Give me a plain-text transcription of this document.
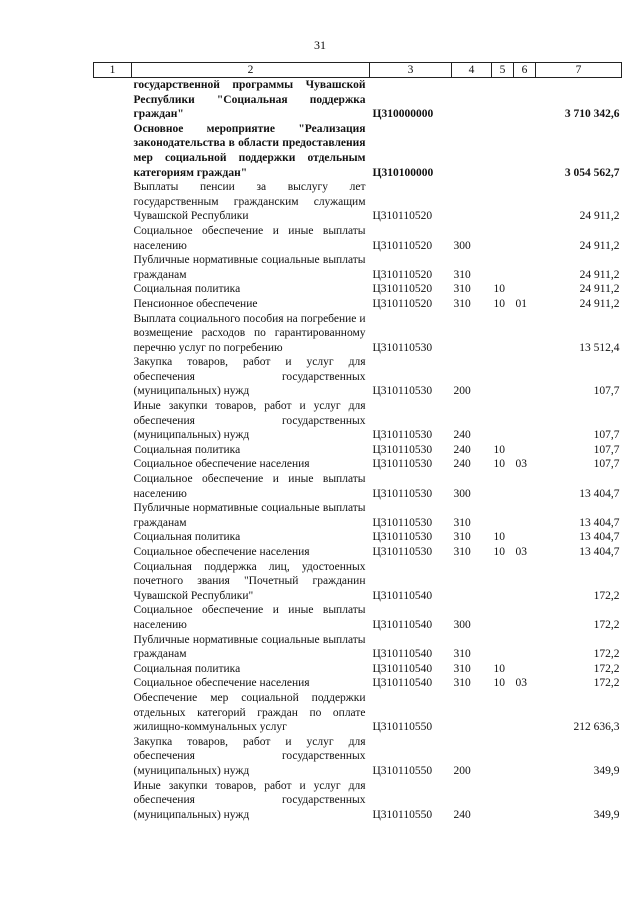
31
1	2	3	4	5	6	7
	государственной программы Чувашской Республики "Социальная поддержка граждан"	Ц310000000				3 710 342,6
	Основное мероприятие "Реализация законодательства в области предоставления мер социальной поддержки отдельным категориям граждан"	Ц310100000				3 054 562,7
	Выплаты пенсии за выслугу лет государственным гражданским служащим Чувашской Республики	Ц310110520				24 911,2
	Социальное обеспечение и иные выплаты населению	Ц310110520	300			24 911,2
	Публичные нормативные социальные выплаты гражданам	Ц310110520	310			24 911,2
	Социальная политика	Ц310110520	310	10		24 911,2
	Пенсионное обеспечение	Ц310110520	310	10	01	24 911,2
	Выплата социального пособия на погребение и возмещение расходов по гарантированному перечню услуг по погребению	Ц310110530				13 512,4
	Закупка товаров, работ и услуг для обеспечения государственных (муниципальных) нужд	Ц310110530	200			107,7
	Иные закупки товаров, работ и услуг для обеспечения государственных (муниципальных) нужд	Ц310110530	240			107,7
	Социальная политика	Ц310110530	240	10		107,7
	Социальное обеспечение населения	Ц310110530	240	10	03	107,7
	Социальное обеспечение и иные выплаты населению	Ц310110530	300			13 404,7
	Публичные нормативные социальные выплаты гражданам	Ц310110530	310			13 404,7
	Социальная политика	Ц310110530	310	10		13 404,7
	Социальное обеспечение населения	Ц310110530	310	10	03	13 404,7
	Социальная поддержка лиц, удостоенных почетного звания "Почетный гражданин Чувашской Республики"	Ц310110540				172,2
	Социальное обеспечение и иные выплаты населению	Ц310110540	300			172,2
	Публичные нормативные социальные выплаты гражданам	Ц310110540	310			172,2
	Социальная политика	Ц310110540	310	10		172,2
	Социальное обеспечение населения	Ц310110540	310	10	03	172,2
	Обеспечение мер социальной поддержки отдельных категорий граждан по оплате жилищно-коммунальных услуг	Ц310110550				212 636,3
	Закупка товаров, работ и услуг для обеспечения государственных (муниципальных) нужд	Ц310110550	200			349,9
	Иные закупки товаров, работ и услуг для обеспечения государственных (муниципальных) нужд	Ц310110550	240			349,9
